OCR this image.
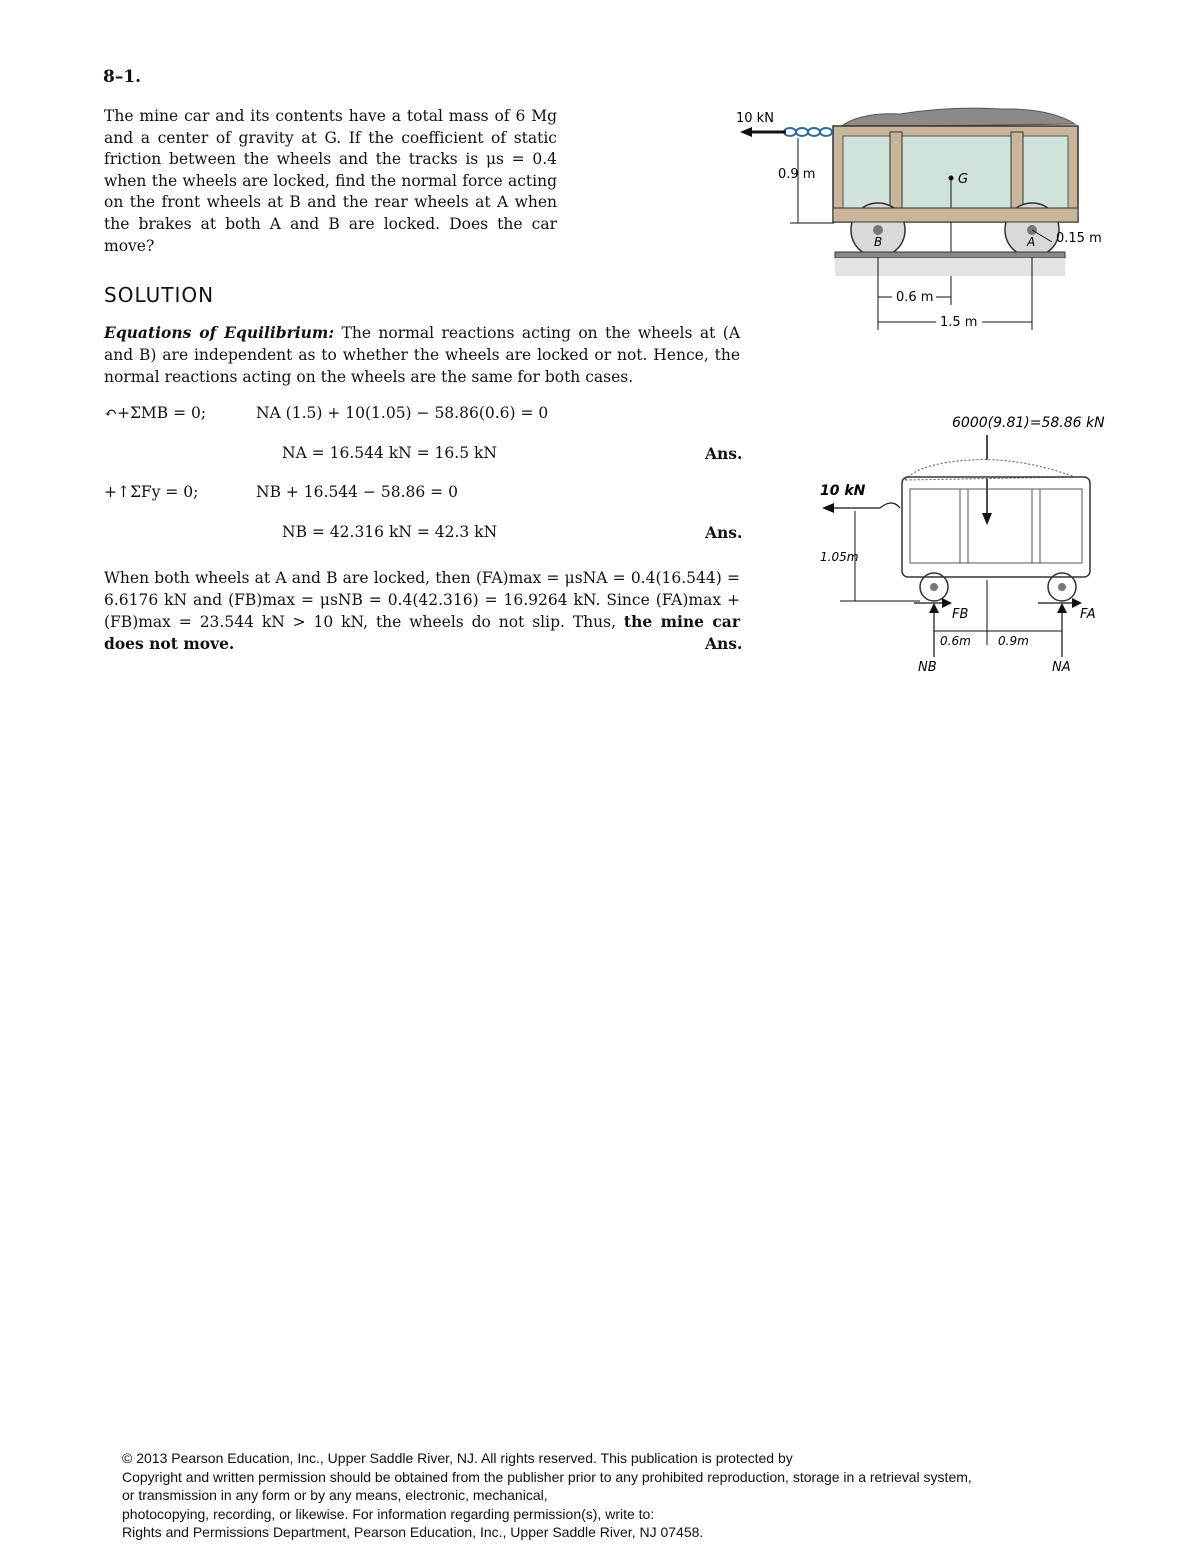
8–1.
The mine car and its contents have a total mass of 6 Mg and a center of gravity at G. If the coefficient of static friction between the wheels and the tracks is μs = 0.4 when the wheels are locked, find the normal force acting on the front wheels at B and the rear wheels at A when the brakes at both A and B are locked. Does the car move?
10 kN
0.9 m	G
B	A 0.15 m
0.6 m
1.5 m
SOLUTION
Equations of Equilibrium: The normal reactions acting on the wheels at (A and B) are independent as to whether the wheels are locked or not. Hence, the normal reactions acting on the wheels are the same for both cases.
↶+ΣMB = 0;	NA (1.5) + 10(1.05) − 58.86(0.6) = 0
NA = 16.544 kN = 16.5 kN	Ans.
+↑ΣFy = 0;	NB + 16.544 − 58.86 = 0
NB = 42.316 kN = 42.3 kN	Ans.
When both wheels at A and B are locked, then (FA)max = μsNA = 0.4(16.544) = 6.6176 kN and (FB)max = μsNB = 0.4(42.316) = 16.9264 kN. Since (FA)max + (FB)max = 23.544 kN > 10 kN, the wheels do not slip. Thus, the mine car does not move.	Ans.
6000(9.81)=58.86 kN
10 kN
1.05m
FB	FA
NB	NA
0.6m 0.9m
© 2013 Pearson Education, Inc., Upper Saddle River, NJ. All rights reserved. This publication is protected by
Copyright and written permission should be obtained from the publisher prior to any prohibited reproduction, storage in a retrieval system,
or transmission in any form or by any means, electronic, mechanical,
photocopying, recording, or likewise. For information regarding permission(s), write to:
Rights and Permissions Department, Pearson Education, Inc., Upper Saddle River, NJ 07458.
